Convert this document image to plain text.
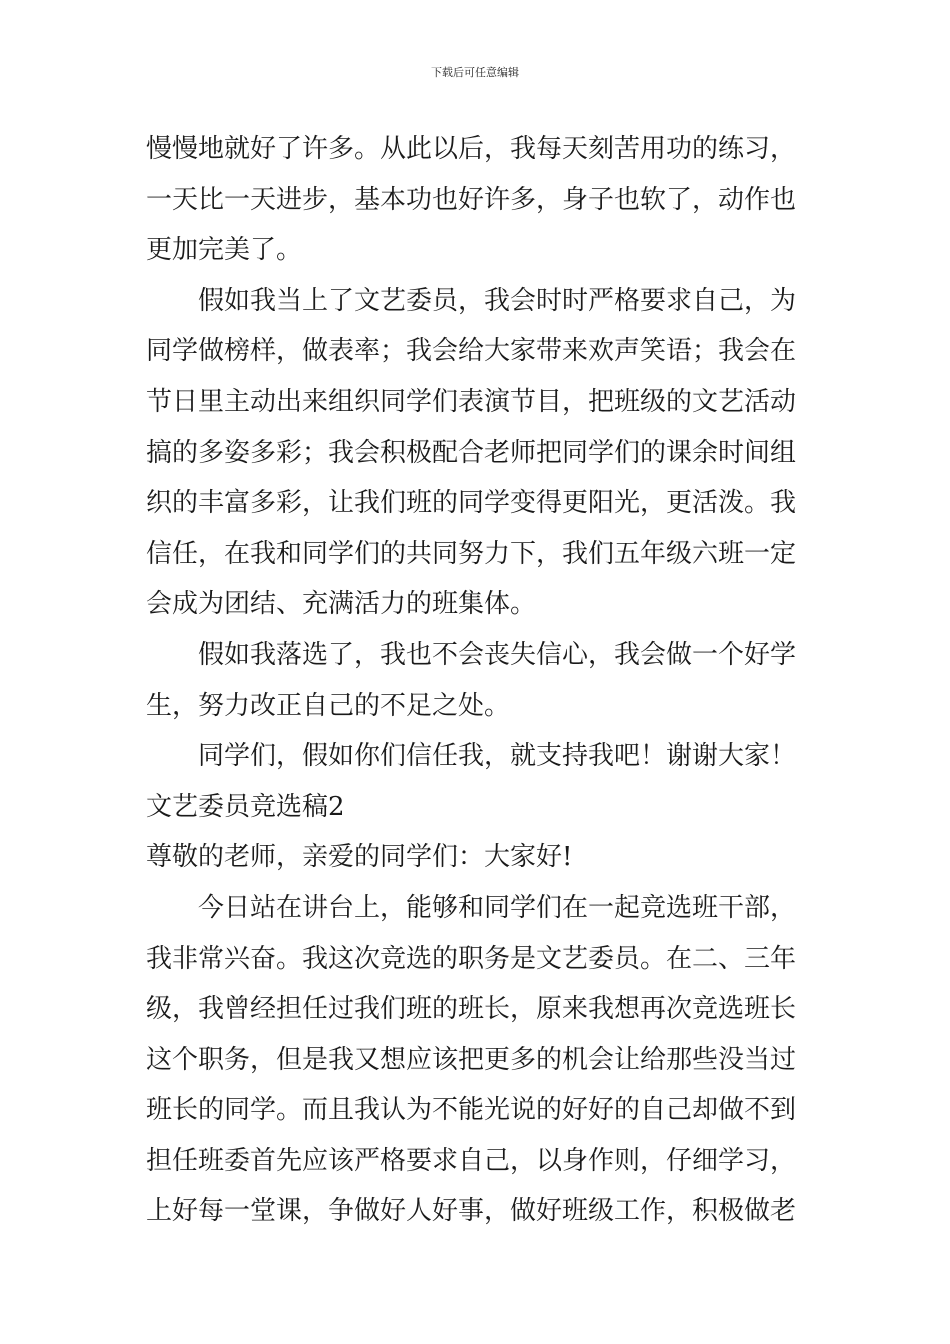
下载后可任意编辑
慢慢地就好了许多。从此以后，我每天刻苦用功的练习，
一天比一天进步，基本功也好许多，身子也软了，动作也
更加完美了。
假如我当上了文艺委员，我会时时严格要求自己，为
同学做榜样，做表率；我会给大家带来欢声笑语；我会在
节日里主动出来组织同学们表演节目，把班级的文艺活动
搞的多姿多彩；我会积极配合老师把同学们的课余时间组
织的丰富多彩，让我们班的同学变得更阳光，更活泼。我
信任，在我和同学们的共同努力下，我们五年级六班一定
会成为团结、充满活力的班集体。
假如我落选了，我也不会丧失信心，我会做一个好学
生，努力改正自己的不足之处。
同学们，假如你们信任我，就支持我吧！谢谢大家！
文艺委员竞选稿2
尊敬的老师，亲爱的同学们：大家好!
今日站在讲台上，能够和同学们在一起竞选班干部，
我非常兴奋。我这次竞选的职务是文艺委员。在二、三年
级，我曾经担任过我们班的班长，原来我想再次竞选班长
这个职务，但是我又想应该把更多的机会让给那些没当过
班长的同学。而且我认为不能光说的好好的自己却做不到
担任班委首先应该严格要求自己，以身作则，仔细学习，
上好每一堂课，争做好人好事，做好班级工作，积极做老
